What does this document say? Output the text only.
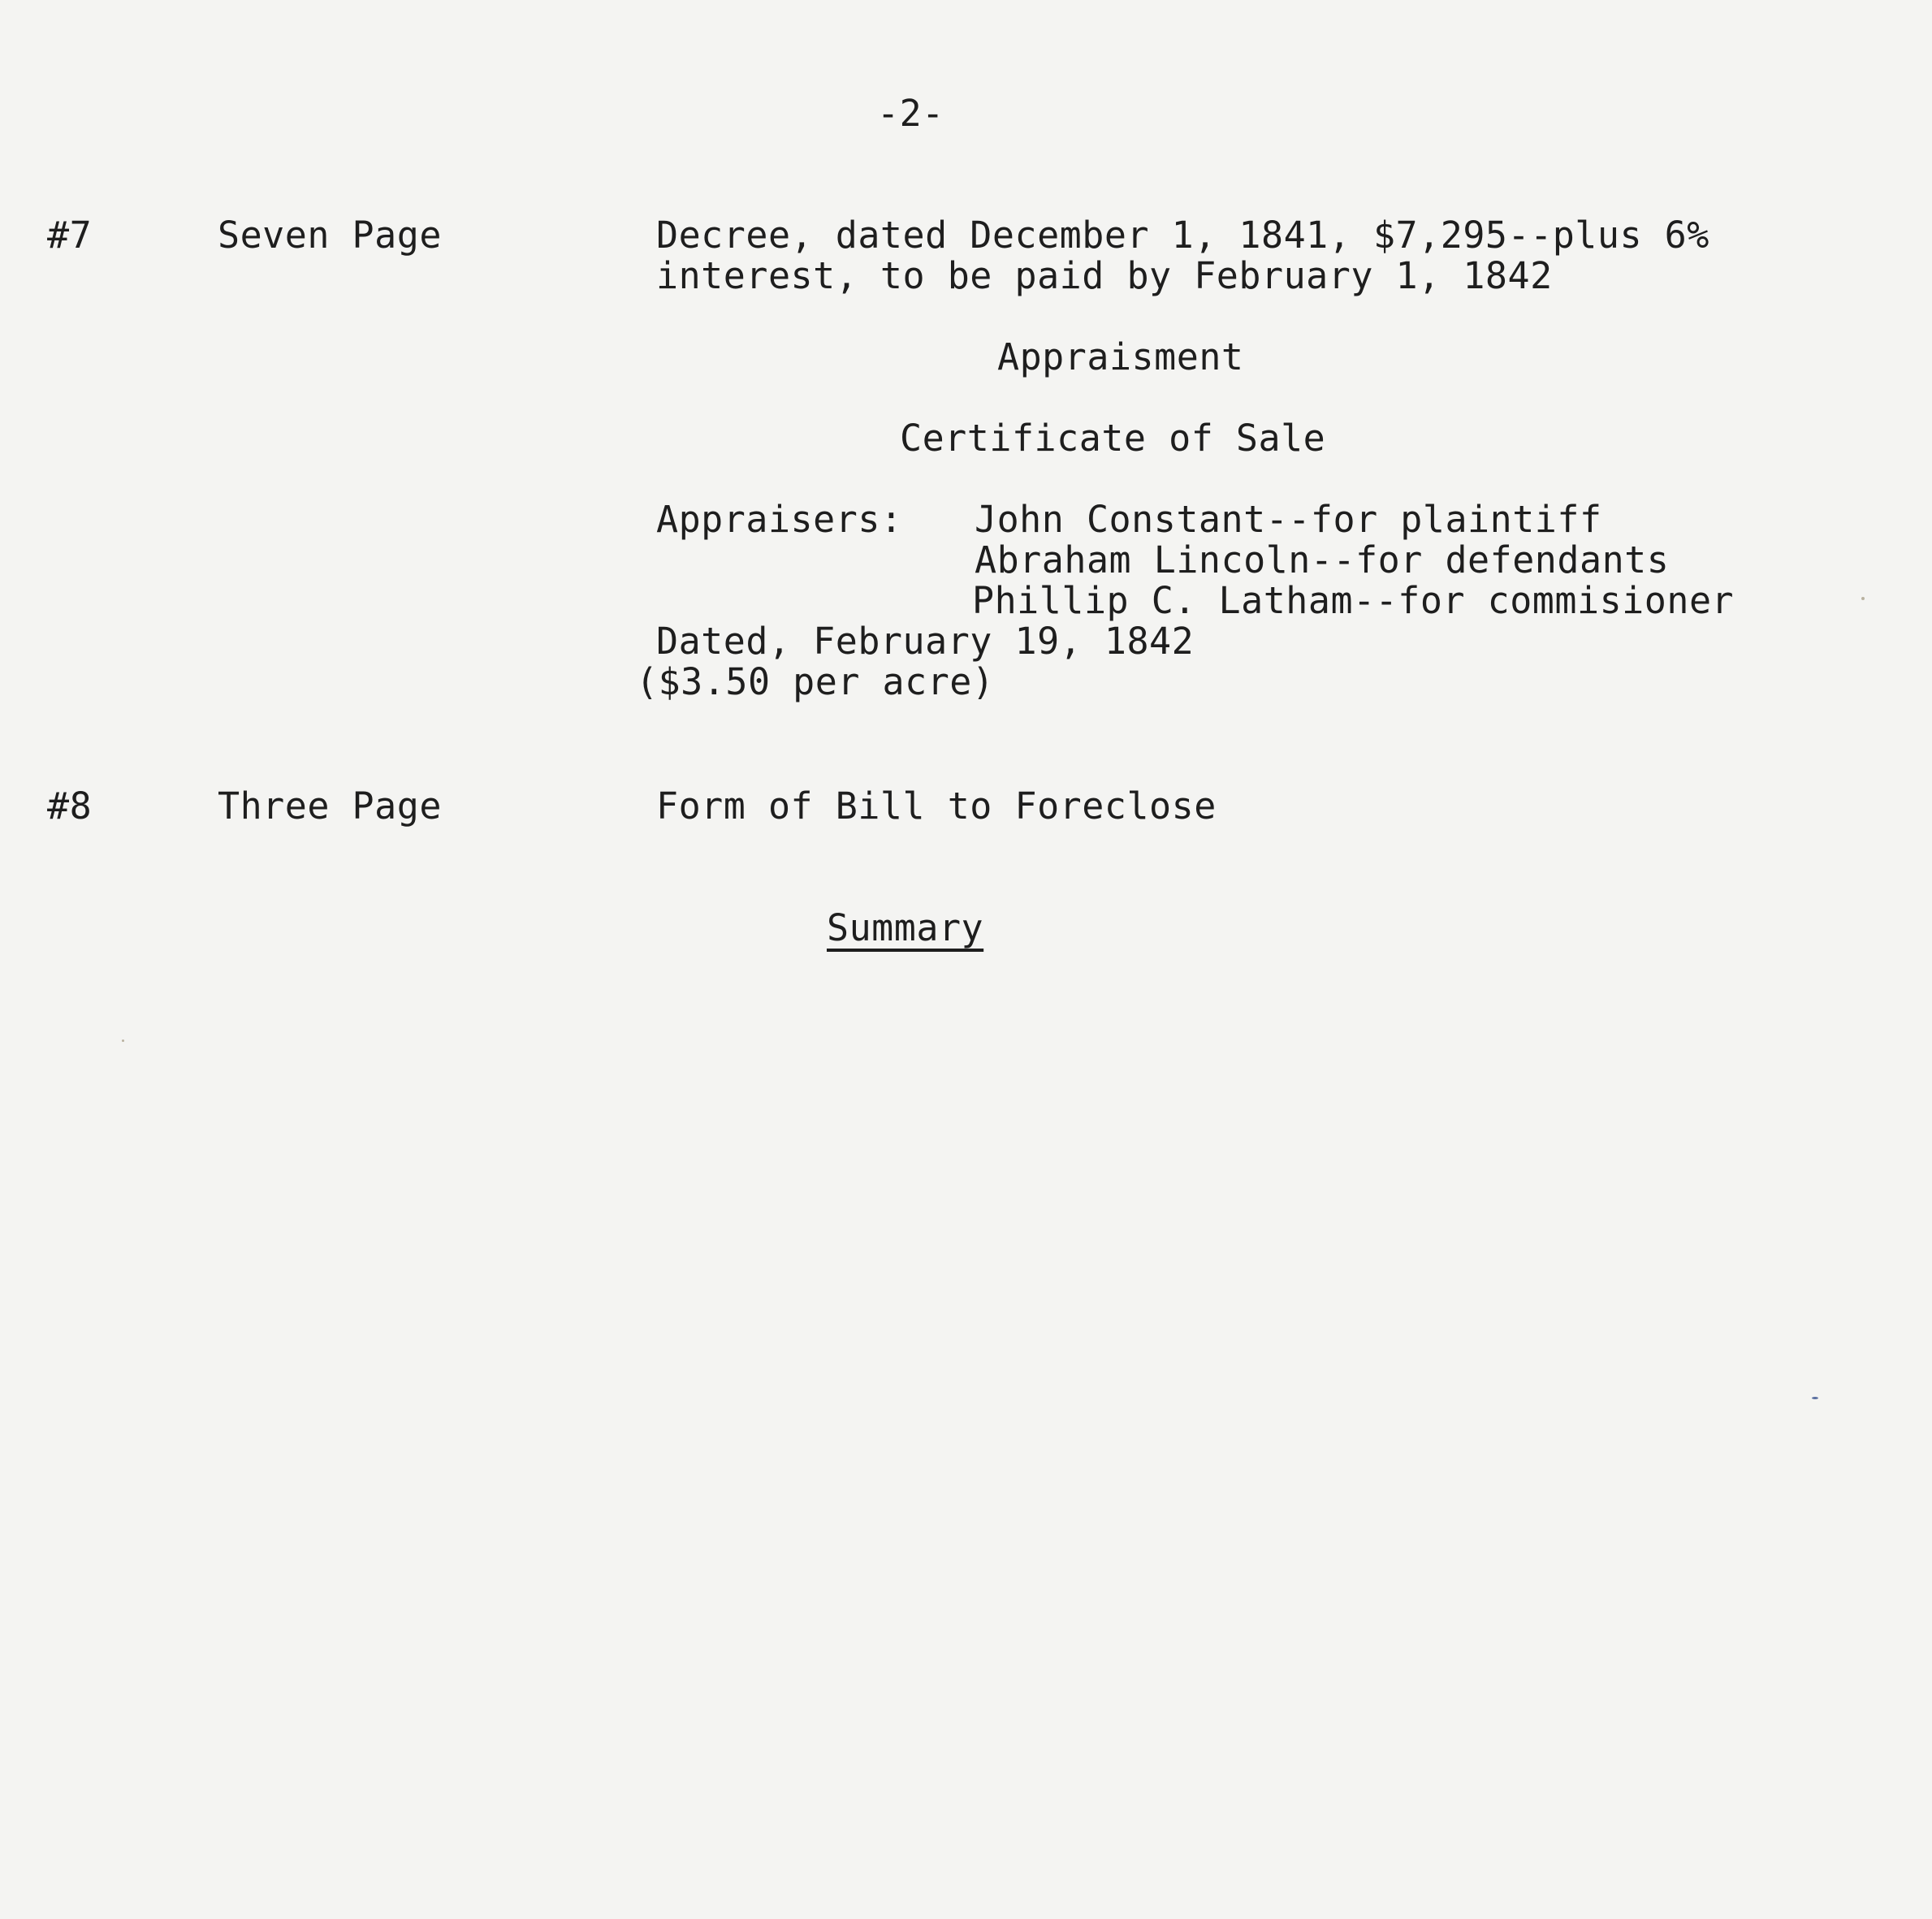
-2-
#7	Seven Page	Decree, dated December 1, 1841, $7,295--plus 6%
interest, to be paid by February 1, 1842
Appraisment
Certificate of Sale
Appraisers: John Constant--for plaintiff
Abraham Lincoln--for defendants
Phillip C. Latham--for commisioner
Dated, February 19, 1842
($3.50 per acre)
#8	Three Page	Form of Bill to Foreclose
Summary
